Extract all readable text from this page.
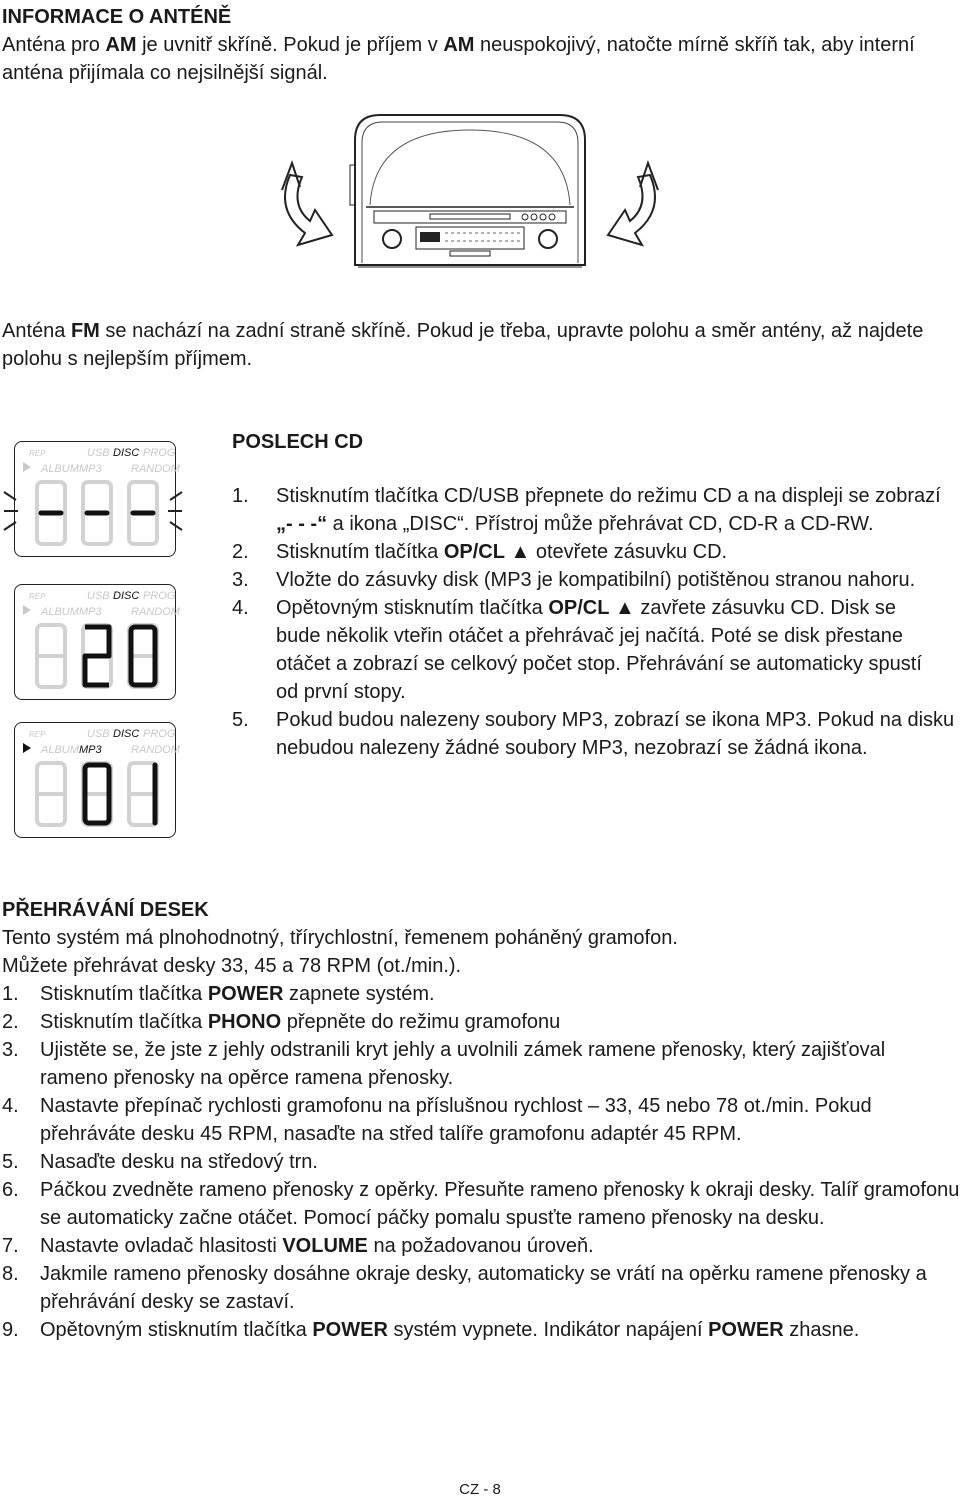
INFORMACE O ANTÉNĚ

Anténa pro AM je uvnitř skříně. Pokud je příjem v AM neuspokojivý, natočte mírně skříň tak, aby interní anténa přijímala co nejsilnější signál.

Anténa FM se nachází na zadní straně skříně. Pokud je třeba, upravte polohu a směr antény, až najdete polohu s nejlepším příjmem.

REP	USB DISC PROG
ALBUM MP3	RANDOM
REP	USB DISC PROG
ALBUM MP3	RANDOM
REP	USB DISC PROG
ALBUM MP3	RANDOM
POSLECH CD
1. Stisknutím tlačítka CD/USB přepnete do režimu CD a na displeji se zobrazí „- - -“ a ikona „DISC“. Přístroj může přehrávat CD, CD-R a CD-RW.
2. Stisknutím tlačítka OP/CL ▲ otevřete zásuvku CD.
3. Vložte do zásuvky disk (MP3 je kompatibilní) potištěnou stranou nahoru.
4. Opětovným stisknutím tlačítka OP/CL ▲ zavřete zásuvku CD. Disk se bude několik vteřin otáčet a přehrávač jej načítá. Poté se disk přestane otáčet a zobrazí se celkový počet stop. Přehrávání se automaticky spustí od první stopy.
5. Pokud budou nalezeny soubory MP3, zobrazí se ikona MP3. Pokud na disku nebudou nalezeny žádné soubory MP3, nezobrazí se žádná ikona.
PŘEHRÁVÁNÍ DESEK

Tento systém má plnohodnotný, třírychlostní, řemenem poháněný gramofon.

Můžete přehrávat desky 33, 45 a 78 RPM (ot./min.).

1. Stisknutím tlačítka POWER zapnete systém.
2. Stisknutím tlačítka PHONO přepněte do režimu gramofonu
3. Ujistěte se, že jste z jehly odstranili kryt jehly a uvolnili zámek ramene přenosky, který zajišťoval rameno přenosky na opěrce ramena přenosky.
4. Nastavte přepínač rychlosti gramofonu na příslušnou rychlost – 33, 45 nebo 78 ot./min. Pokud přehráváte desku 45 RPM, nasaďte na střed talíře gramofonu adaptér 45 RPM.
5. Nasaďte desku na středový trn.
6. Páčkou zvedněte rameno přenosky z opěrky. Přesuňte rameno přenosky k okraji desky. Talíř gramofonu se automaticky začne otáčet. Pomocí páčky pomalu spusťte rameno přenosky na desku.
7. Nastavte ovladač hlasitosti VOLUME na požadovanou úroveň.
8. Jakmile rameno přenosky dosáhne okraje desky, automaticky se vrátí na opěrku ramene přenosky a přehrávání desky se zastaví.
9. Opětovným stisknutím tlačítka POWER systém vypnete. Indikátor napájení POWER zhasne.
CZ - 8
